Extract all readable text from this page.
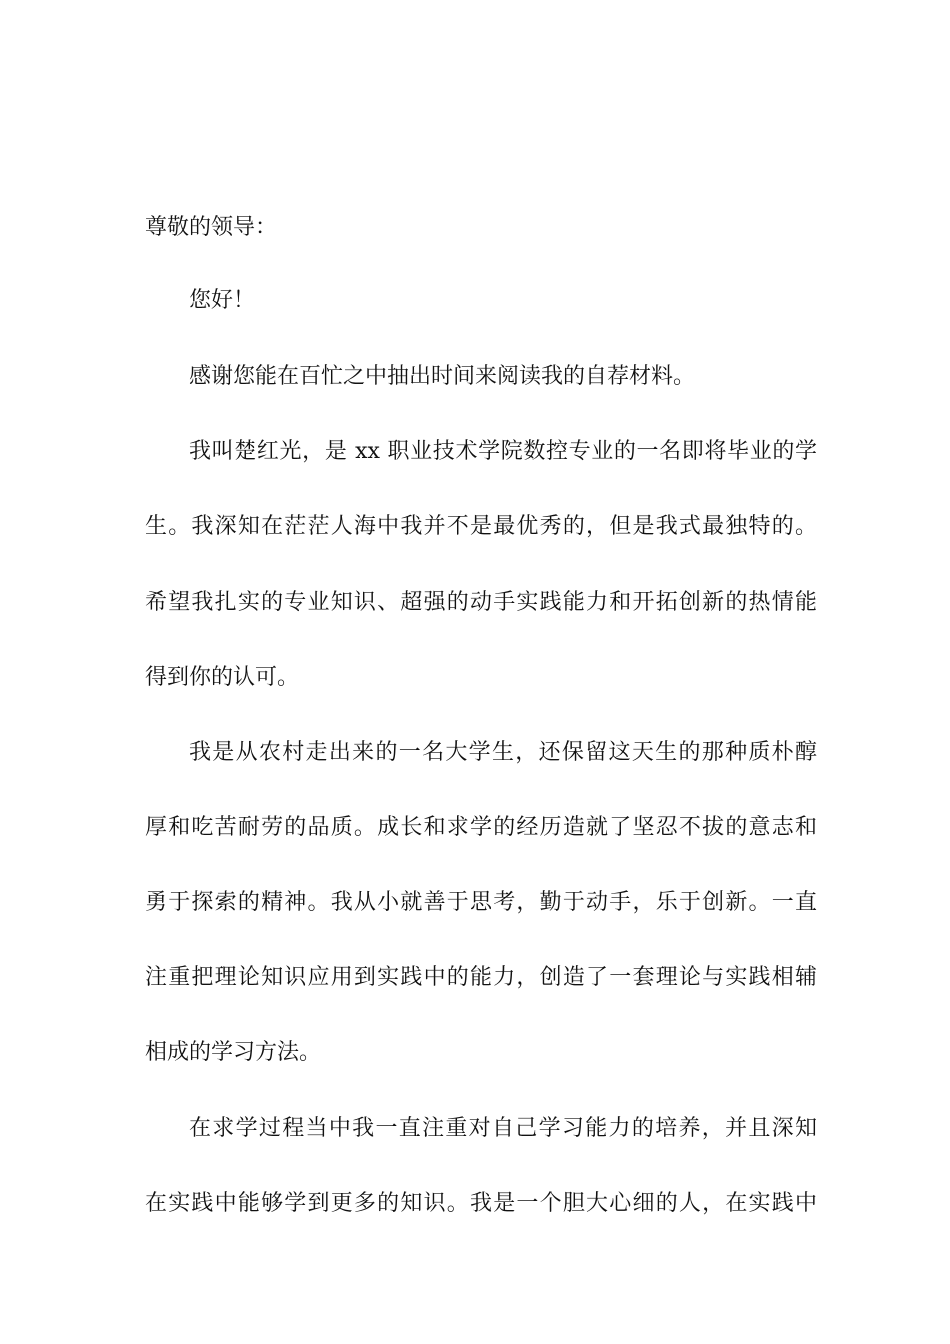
尊敬的领导：

您好！

感谢您能在百忙之中抽出时间来阅读我的自荐材料。

我叫楚红光，是 xx 职业技术学院数控专业的一名即将毕业的学

生。我深知在茫茫人海中我并不是最优秀的，但是我式最独特的。

希望我扎实的专业知识、超强的动手实践能力和开拓创新的热情能

得到你的认可。

我是从农村走出来的一名大学生，还保留这天生的那种质朴醇

厚和吃苦耐劳的品质。成长和求学的经历造就了坚忍不拔的意志和

勇于探索的精神。我从小就善于思考，勤于动手，乐于创新。一直

注重把理论知识应用到实践中的能力，创造了一套理论与实践相辅

相成的学习方法。

在求学过程当中我一直注重对自己学习能力的培养，并且深知

在实践中能够学到更多的知识。我是一个胆大心细的人，在实践中
